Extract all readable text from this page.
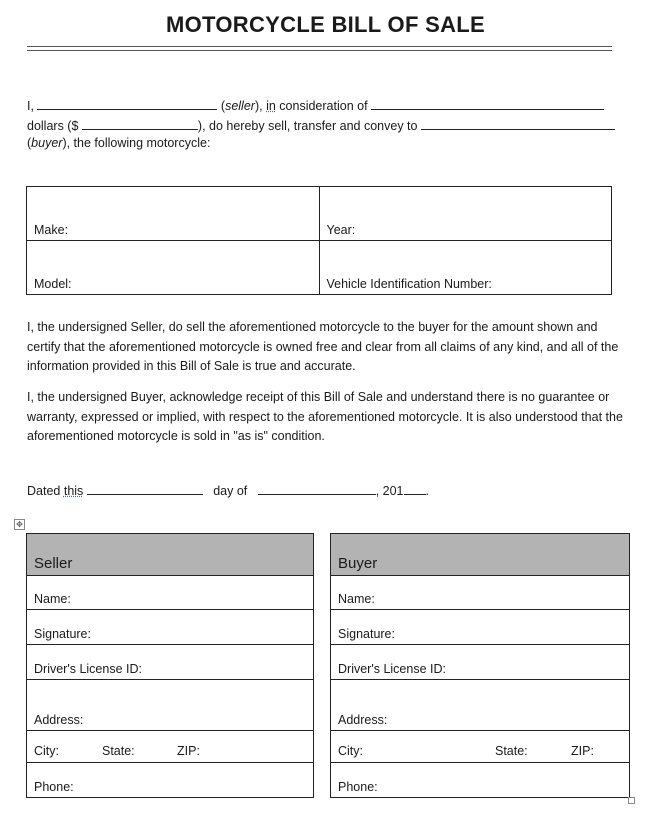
MOTORCYCLE BILL OF SALE
I,	(seller), in consideration of
dollars ($	), do hereby sell, transfer and convey to
(buyer), the following motorcycle:
Make:	Year:
Model:	Vehicle Identification Number:
I, the undersigned Seller, do sell the aforementioned motorcycle to the buyer for the amount shown and certify that the aforementioned motorcycle is owned free and clear from all claims of any kind, and all of the information provided in this Bill of Sale is true and accurate.
I, the undersigned Buyer, acknowledge receipt of this Bill of Sale and understand there is no guarantee or warranty, expressed or implied, with respect to the aforementioned motorcycle. It is also understood that the aforementioned motorcycle is sold in "as is" condition.
Dated this	day of	, 201 .
✥
Seller
Name:
Signature:
Driver's License ID:
Address:

City:	State:	ZIP:

Phone:
Buyer
Name:
Signature:
Driver's License ID:
Address:

City:	State:	ZIP:

Phone:
